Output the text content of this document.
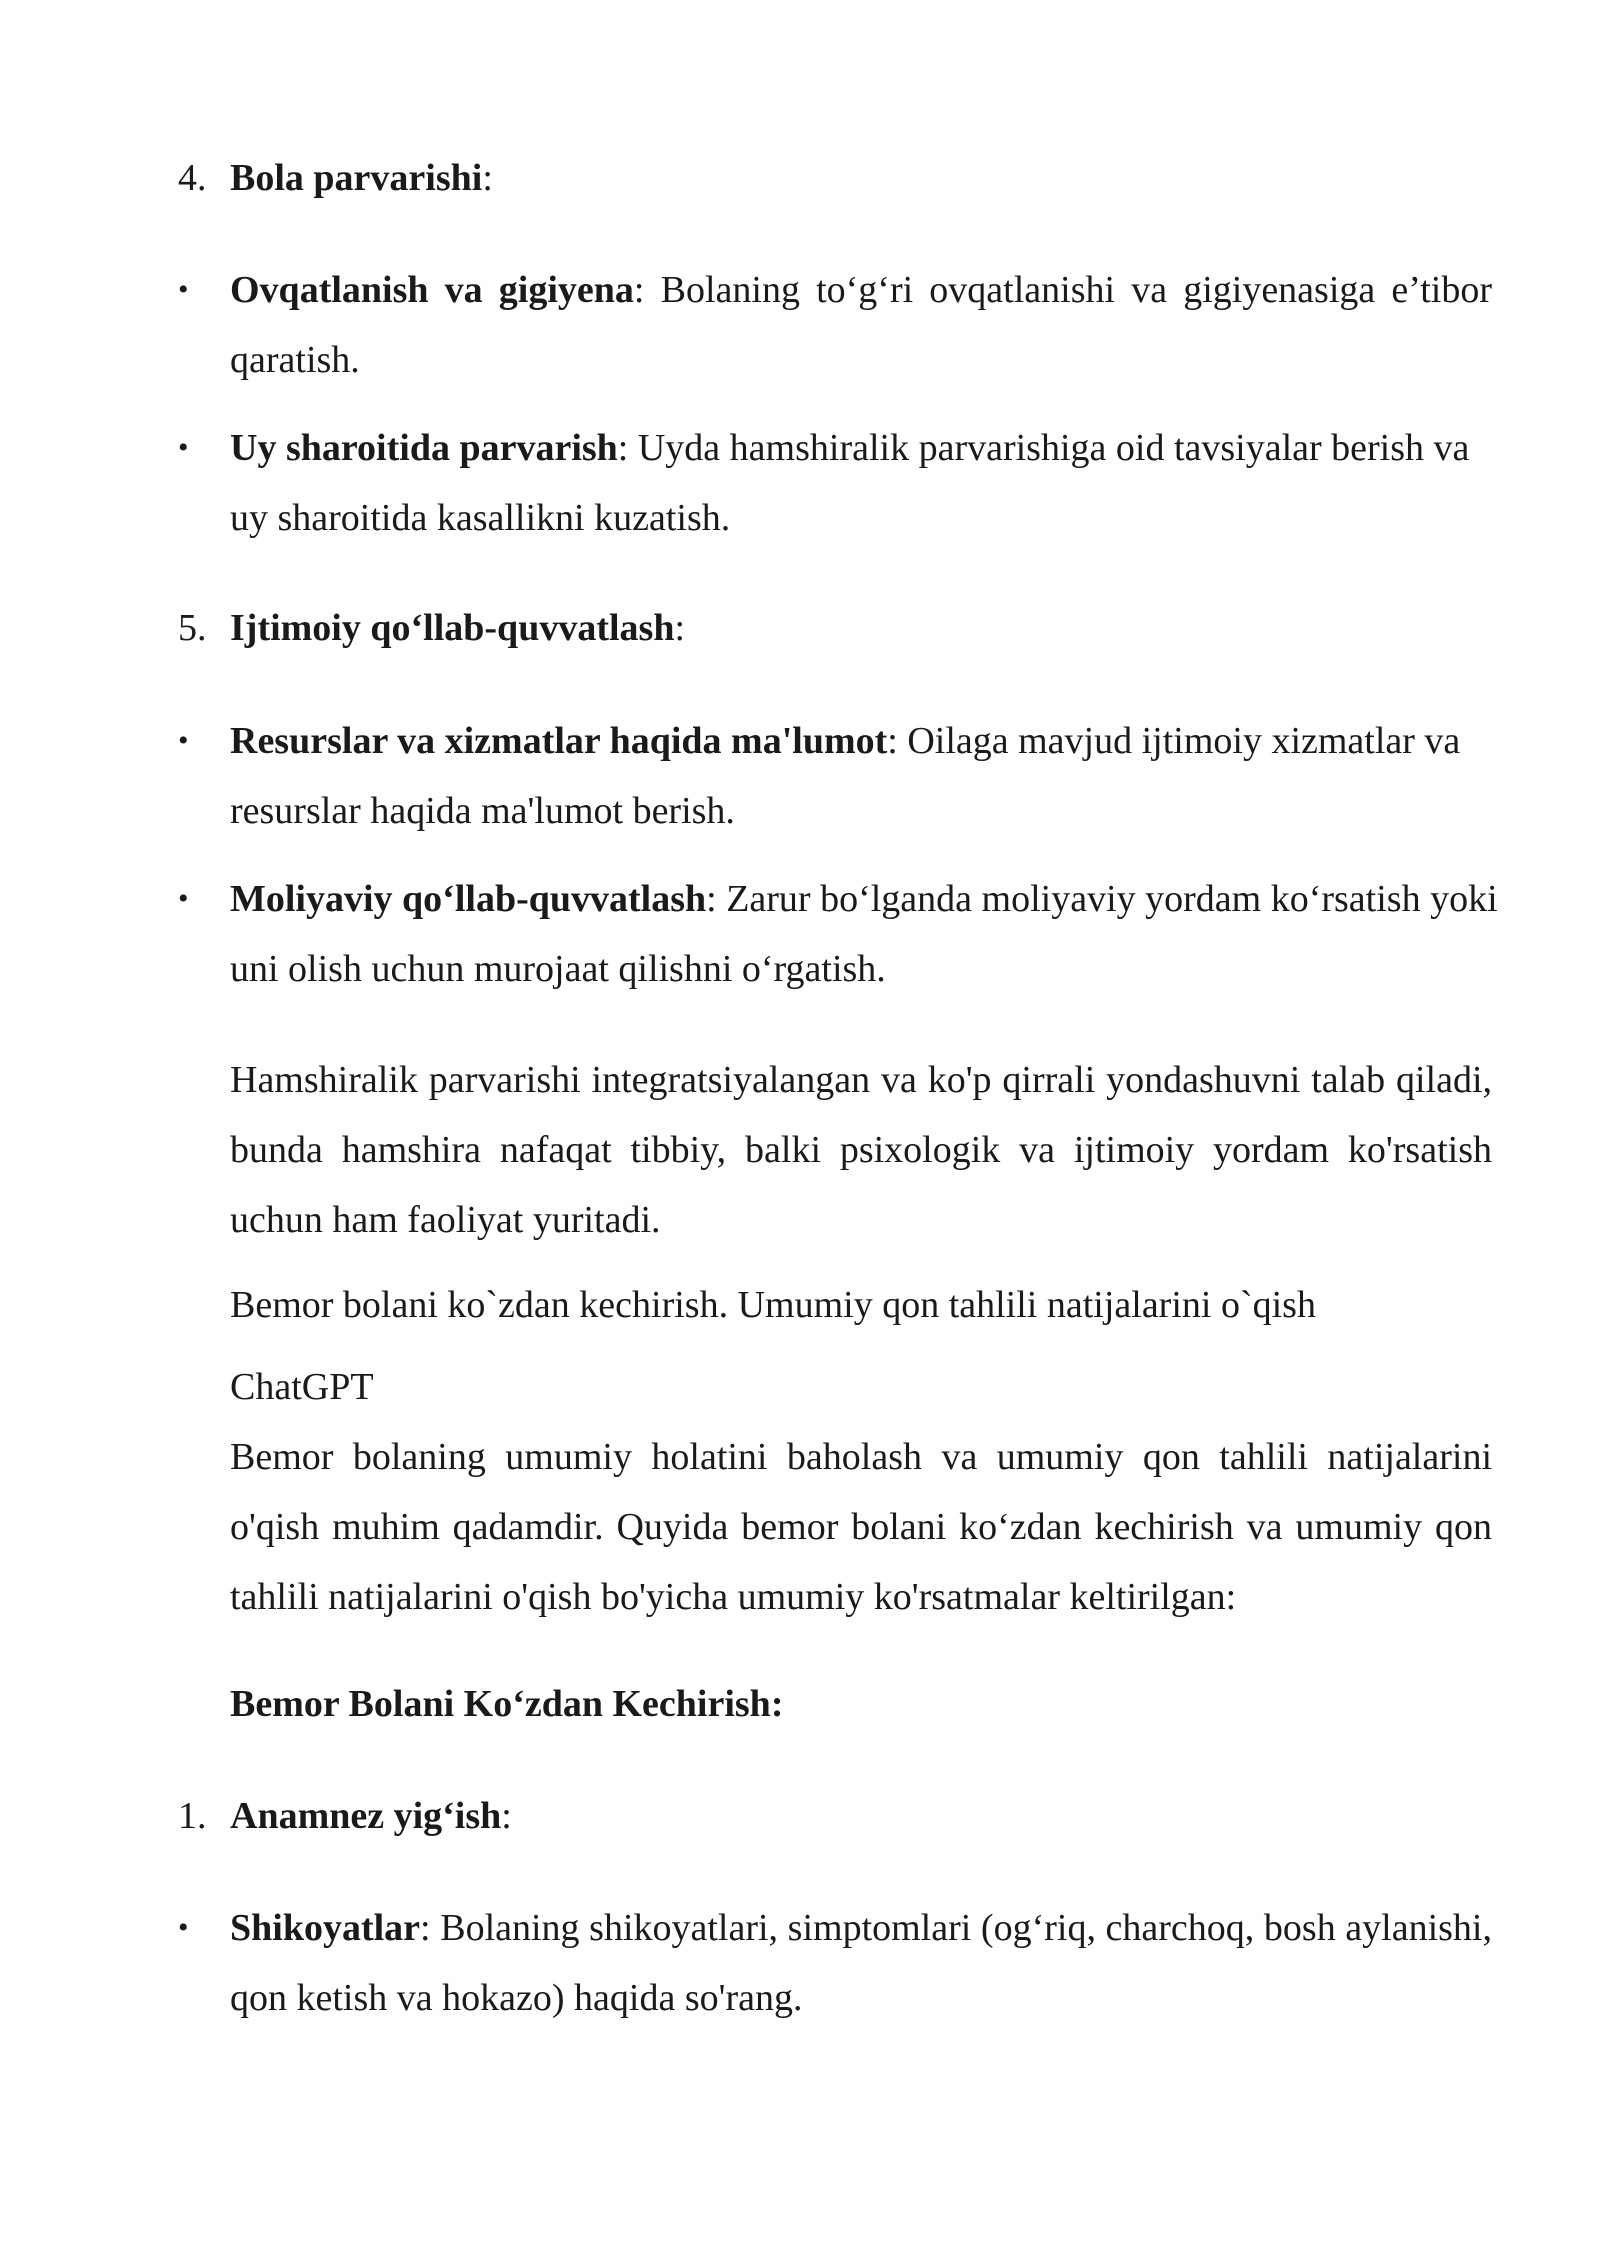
4. Bola parvarishi:
• Ovqatlanish va gigiyena: Bolaning to‘g‘ri ovqatlanishi va gigiyenasiga e’tibor qaratish.
• Uy sharoitida parvarish: Uyda hamshiralik parvarishiga oid tavsiyalar berish va uy sharoitida kasallikni kuzatish.
5. Ijtimoiy qo‘llab-quvvatlash:
• Resurslar va xizmatlar haqida ma'lumot: Oilaga mavjud ijtimoiy xizmatlar va resurslar haqida ma'lumot berish.
• Moliyaviy qo‘llab-quvvatlash: Zarur bo‘lganda moliyaviy yordam ko‘rsatish yoki uni olish uchun murojaat qilishni o‘rgatish.
Hamshiralik parvarishi integratsiyalangan va ko'p qirrali yondashuvni talab qiladi, bunda hamshira nafaqat tibbiy, balki psixologik va ijtimoiy yordam ko'rsatish uchun ham faoliyat yuritadi.
Bemor bolani ko`zdan kechirish. Umumiy qon tahlili natijalarini o`qish
ChatGPT
Bemor bolaning umumiy holatini baholash va umumiy qon tahlili natijalarini o'qish muhim qadamdir. Quyida bemor bolani ko‘zdan kechirish va umumiy qon tahlili natijalarini o'qish bo'yicha umumiy ko'rsatmalar keltirilgan:
Bemor Bolani Ko‘zdan Kechirish:
1. Anamnez yig‘ish:
• Shikoyatlar: Bolaning shikoyatlari, simptomlari (og‘riq, charchoq, bosh aylanishi, qon ketish va hokazo) haqida so'rang.
